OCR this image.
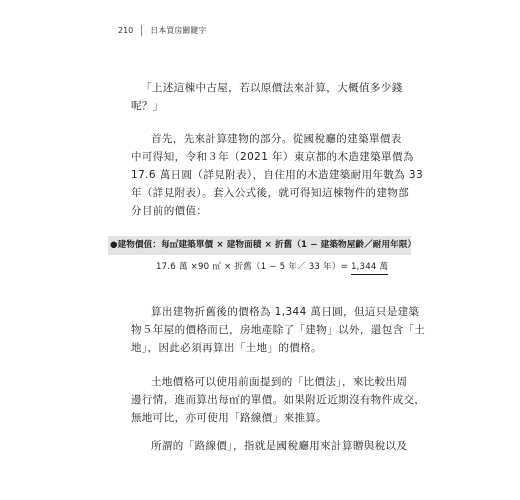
210 日本買房關鍵字

「上述這棟中古屋，若以原價法來計算，大概值多少錢
呢？」

首先，先來計算建物的部分。從國稅廳的建築單價表
中可得知，令和３年（2021 年）東京都的木造建築單價為
17.6 萬日圓（詳見附表），自住用的木造建築耐用年數為 33
年（詳見附表）。套入公式後，就可得知這棟物件的建物部
分目前的價值：

●建物價值：每㎡建築單價 × 建物面積 × 折舊（1 − 建築物屋齡／耐用年限）
17.6 萬 ×90 ㎡ × 折舊（1 − 5 年／ 33 年）= 1,344 萬

算出建物折舊後的價格為 1,344 萬日圓，但這只是建築
物５年屋的價格而已，房地產除了「建物」以外，還包含「土
地」，因此必須再算出「土地」的價格。

土地價格可以使用前面提到的「比價法」，來比較出周
邊行情，進而算出每㎡的單價。如果附近近期沒有物件成交，
無地可比，亦可使用「路線價」來推算。

所謂的「路線價」，指就是國稅廳用來計算贈與稅以及
